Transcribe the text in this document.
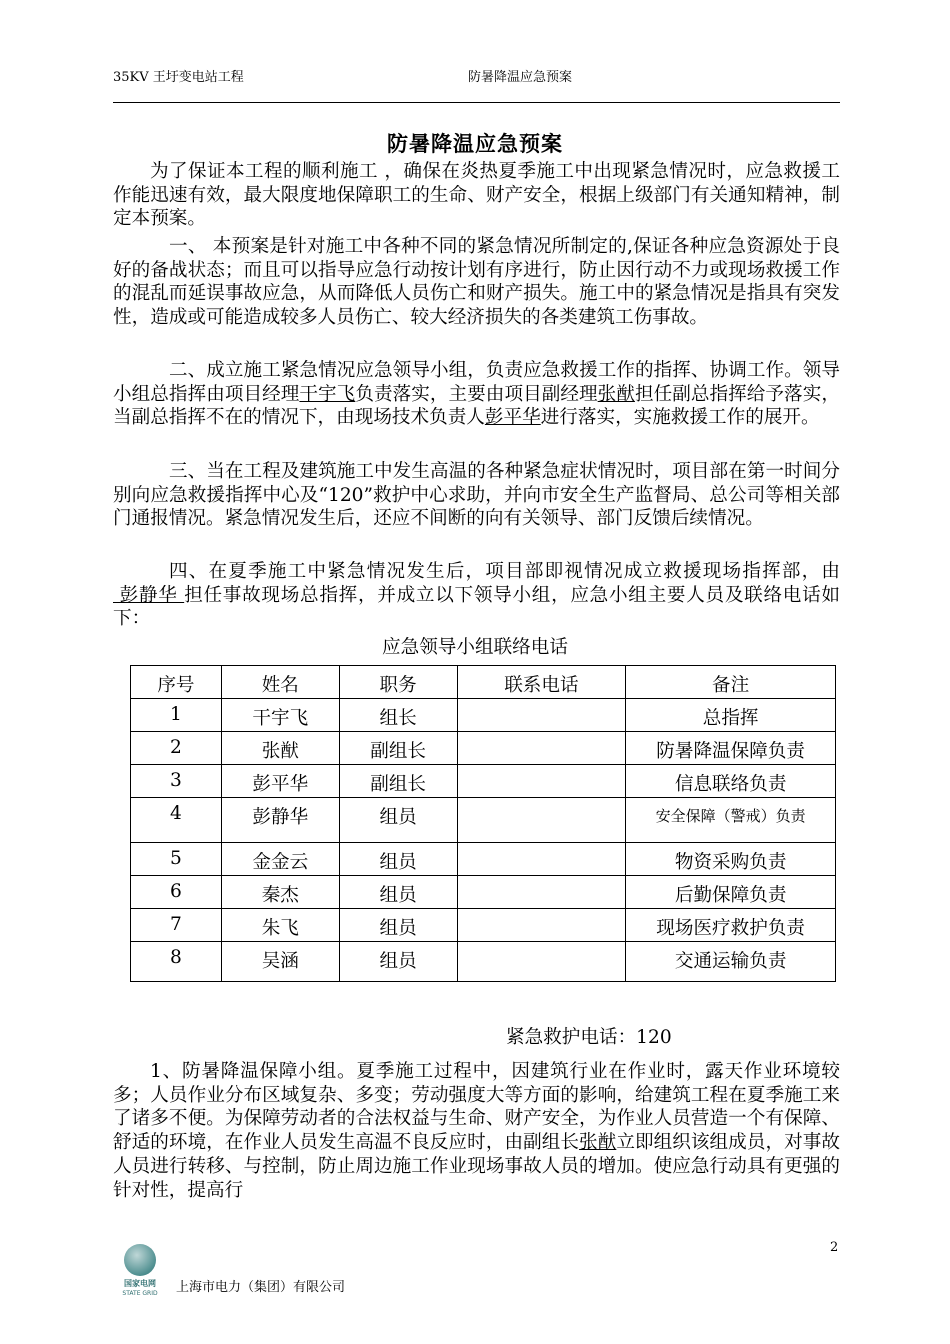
35KV 王圩变电站工程	防暑降温应急预案
防暑降温应急预案

为了保证本工程的顺利施工 ，确保在炎热夏季施工中出现紧急情况时，应急救援工作能迅速有效，最大限度地保障职工的生命、财产安全，根据上级部门有关通知精神，制定本预案。

一、 本预案是针对施工中各种不同的紧急情况所制定的,保证各种应急资源处于良好的备战状态；而且可以指导应急行动按计划有序进行，防止因行动不力或现场救援工作的混乱而延误事故应急，从而降低人员伤亡和财产损失。施工中的紧急情况是指具有突发性，造成或可能造成较多人员伤亡、较大经济损失的各类建筑工伤事故。

二、成立施工紧急情况应急领导小组，负责应急救援工作的指挥、协调工作。领导小组总指挥由项目经理干宇飞负责落实，主要由项目副经理张猷担任副总指挥给予落实，当副总指挥不在的情况下，由现场技术负责人彭平华进行落实，实施救援工作的展开。

三、当在工程及建筑施工中发生高温的各种紧急症状情况时，项目部在第一时间分别向应急救援指挥中心及“120”救护中心求助，并向市安全生产监督局、总公司等相关部门通报情况。紧急情况发生后，还应不间断的向有关领导、部门反馈后续情况。

四、在夏季施工中紧急情况发生后，项目部即视情况成立救援现场指挥部，由 彭静华 担任事故现场总指挥，并成立以下领导小组，应急小组主要人员及联络电话如下：

应急领导小组联络电话
序号	姓名	职务	联系电话	备注
1	干宇飞	组长		总指挥
2	张猷	副组长		防暑降温保障负责
3	彭平华	副组长		信息联络负责
4	彭静华	组员		安全保障（警戒）负责
5	金金云	组员		物资采购负责
6	秦杰	组员		后勤保障负责
7	朱飞	组员		现场医疗救护负责
8	吴涵	组员		交通运输负责
紧急救护电话：120

1、防暑降温保障小组。夏季施工过程中，因建筑行业在作业时，露天作业环境较多；人员作业分布区域复杂、多变；劳动强度大等方面的影响，给建筑工程在夏季施工来了诸多不便。为保障劳动者的合法权益与生命、财产安全，为作业人员营造一个有保障、舒适的环境，在作业人员发生高温不良反应时，由副组长张猷立即组织该组成员，对事故人员进行转移、与控制，防止周边施工作业现场事故人员的增加。使应急行动具有更强的针对性，提高行

2
国家电网
STATE GRID	上海市电力（集团）有限公司
